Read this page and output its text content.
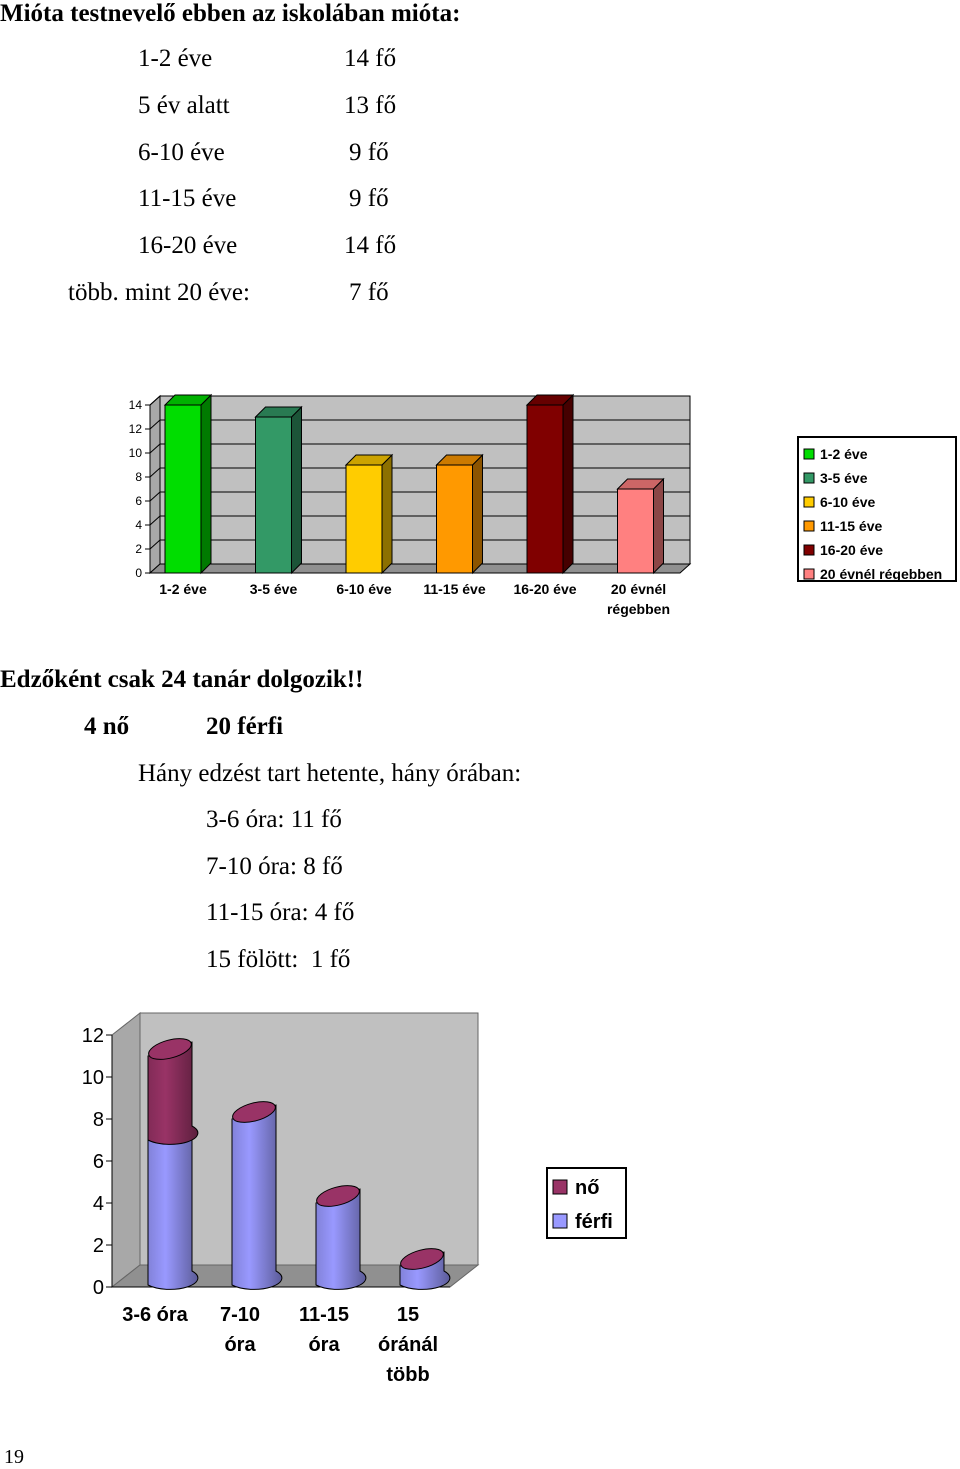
Mióta testnevelő ebben az iskolában mióta:
1-2 éve	14 fő
5 év alatt	13 fő
6-10 éve	9 fő
11-15 éve	9 fő
16-20 éve	14 fő
több. mint 20 éve:	7 fő
0
2
4
6
8
10
12
14
1-2 éve	3-5 éve	6-10 éve 11-15 éve 16-20 éve 20 évnél
régebben
1-2 éve
3-5 éve
6-10 éve
11-15 éve
16-20 éve
20 évnél régebben
Edzőként csak 24 tanár dolgozik!!
4 nő	20 férfi
Hány edzést tart hetente, hány órában:
3-6 óra: 11 fő
7-10 óra: 8 fő
11-15 óra: 4 fő
15 fölött:  1 fő
0
2
4
6
8
10
12
3-6 óra 7-10
óra
11-15
óra
15
óránál
több
nő
férfi
19
